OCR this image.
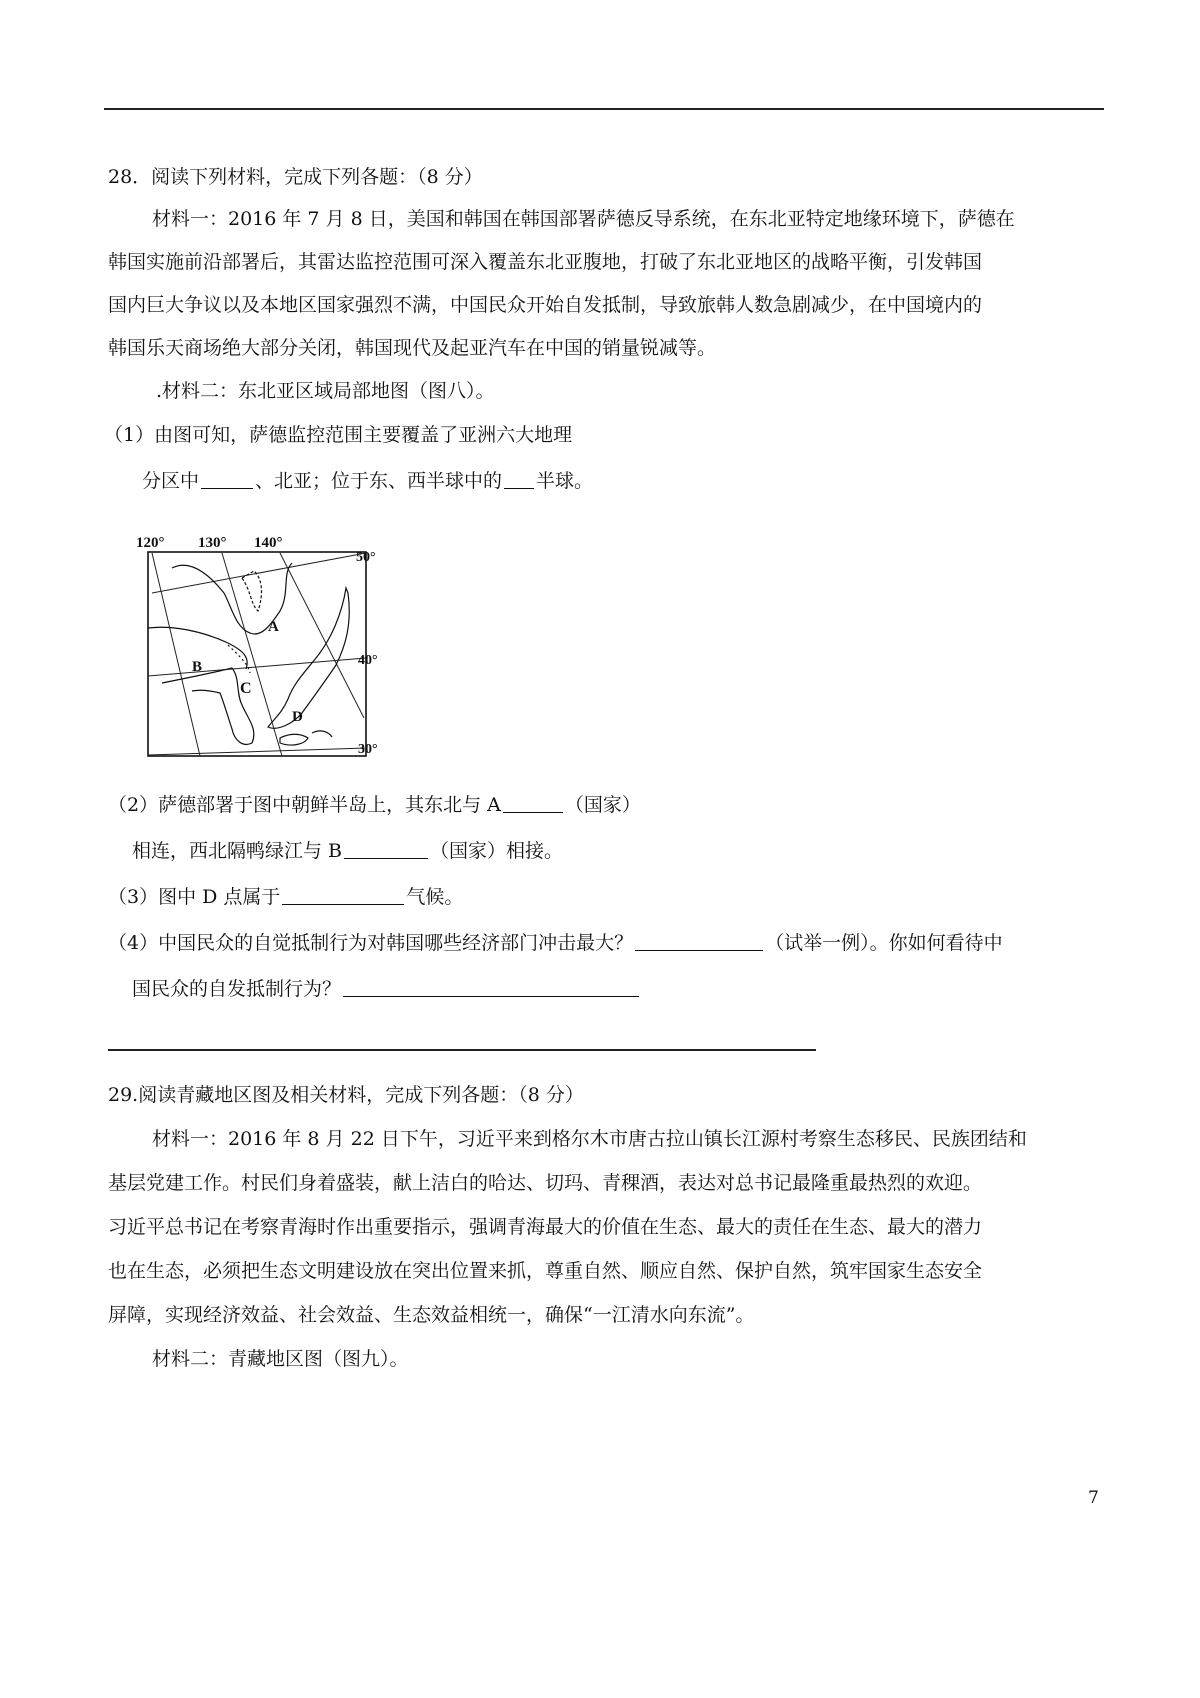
28．阅读下列材料，完成下列各题：（8 分）
材料一：2016 年 7 月 8 日，美国和韩国在韩国部署萨德反导系统，在东北亚特定地缘环境下，萨德在
韩国实施前沿部署后，其雷达监控范围可深入覆盖东北亚腹地，打破了东北亚地区的战略平衡，引发韩国
国内巨大争议以及本地区国家强烈不满，中国民众开始自发抵制，导致旅韩人数急剧减少，在中国境内的
韩国乐天商场绝大部分关闭，韩国现代及起亚汽车在中国的销量锐减等。
.材料二：东北亚区域局部地图（图八）。
（1）由图可知，萨德监控范围主要覆盖了亚洲六大地理
分区中	、北亚；位于东、西半球中的 半球。
120° 130° 140°
50°
40°
30°
A
B
C
D
（2）萨德部署于图中朝鲜半岛上，其东北与 A	（国家）
相连，西北隔鸭绿江与 B	（国家）相接。
（3）图中 D 点属于	气候。
（4）中国民众的自觉抵制行为对韩国哪些经济部门冲击最大？	（试举一例）。你如何看待中
国民众的自发抵制行为？
29.阅读青藏地区图及相关材料，完成下列各题：（8 分）
材料一：2016 年 8 月 22 日下午，习近平来到格尔木市唐古拉山镇长江源村考察生态移民、民族团结和
基层党建工作。村民们身着盛装，献上洁白的哈达、切玛、青稞酒，表达对总书记最隆重最热烈的欢迎。
习近平总书记在考察青海时作出重要指示，强调青海最大的价值在生态、最大的责任在生态、最大的潜力
也在生态，必须把生态文明建设放在突出位置来抓，尊重自然、顺应自然、保护自然，筑牢国家生态安全
屏障，实现经济效益、社会效益、生态效益相统一，确保“一江清水向东流”。
材料二：青藏地区图（图九）。
7
